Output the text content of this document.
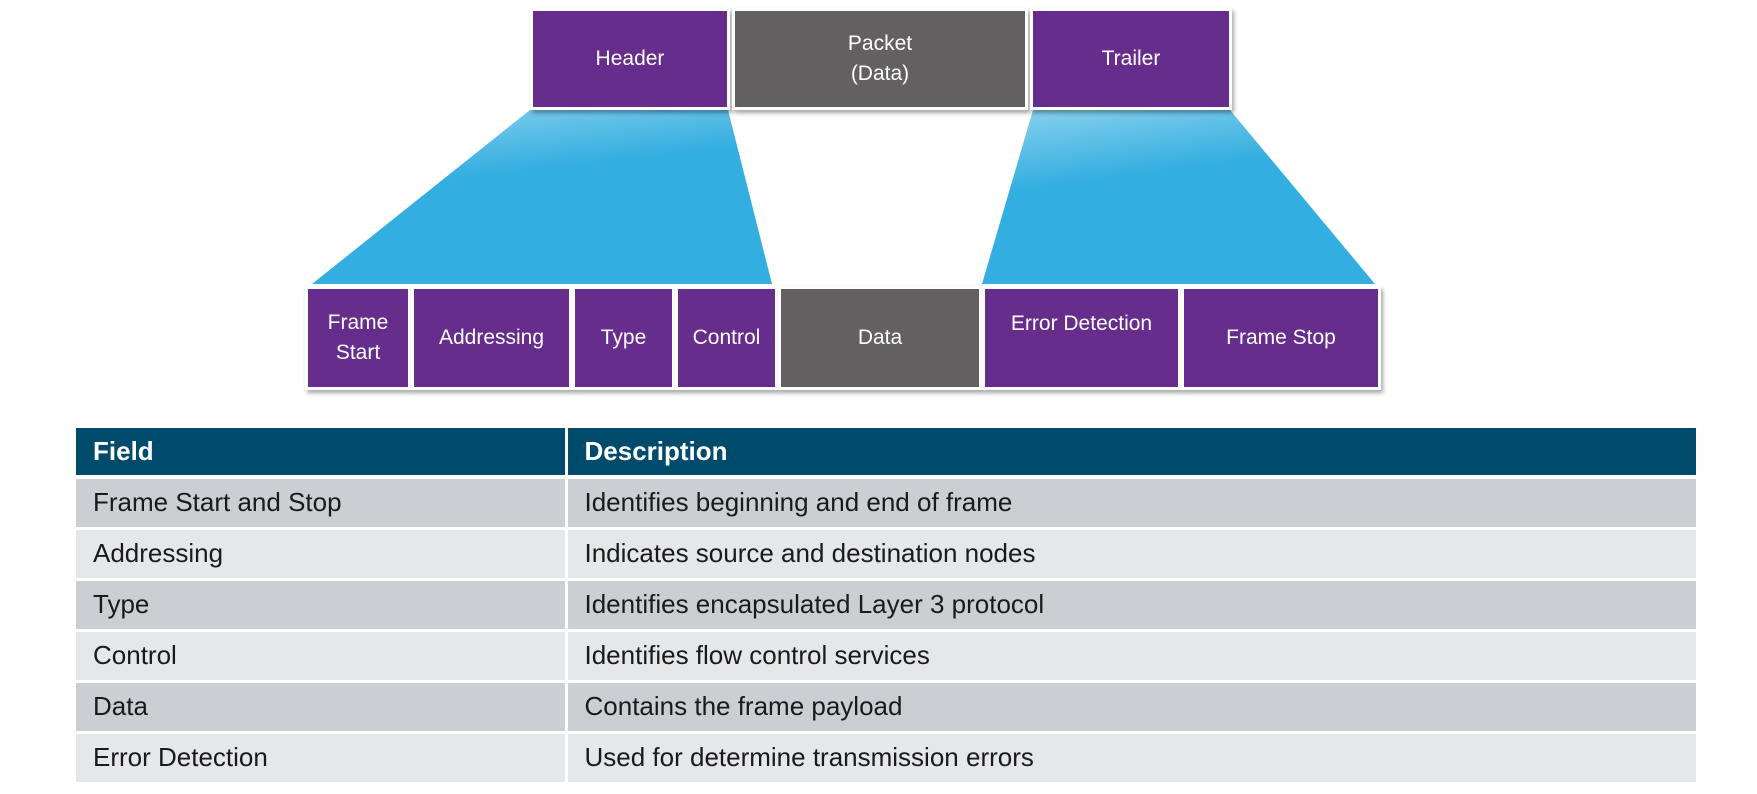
Header
Packet
(Data)
Trailer
Frame
Start
Addressing	Type	Control	Data
Error Detection
Frame Stop
Field	Description
Frame Start and Stop	Identifies beginning and end of frame
Addressing	Indicates source and destination nodes
Type	Identifies encapsulated Layer 3 protocol
Control	Identifies flow control services
Data	Contains the frame payload
Error Detection	Used for determine transmission errors
